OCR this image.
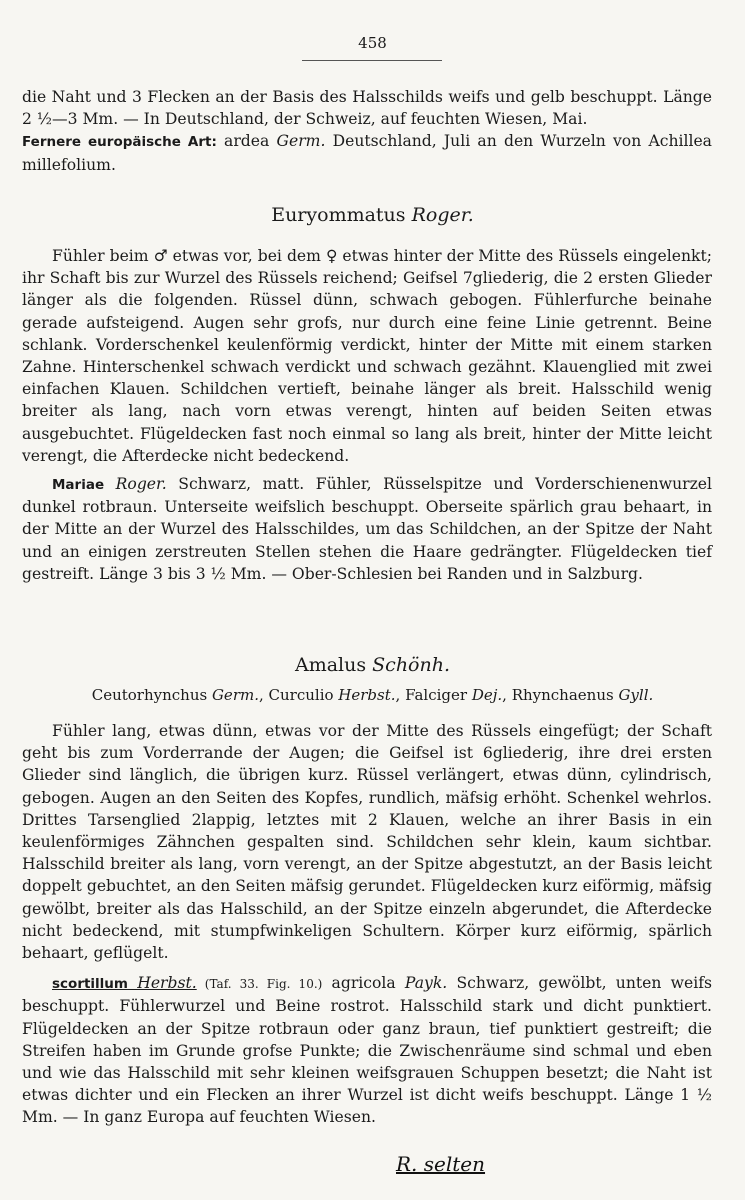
458

die Naht und 3 Flecken an der Basis des Halsschilds weifs und gelb beschuppt. Länge 2 ½—3 Mm. — In Deutschland, der Schweiz, auf feuchten Wiesen, Mai.

Fernere europäische Art: ardea Germ. Deutschland, Juli an den Wurzeln von Achillea millefolium.

Euryommatus Roger.

Fühler beim ♂ etwas vor, bei dem ♀ etwas hinter der Mitte des Rüssels eingelenkt; ihr Schaft bis zur Wurzel des Rüssels reichend; Geifsel 7gliederig, die 2 ersten Glieder länger als die folgenden. Rüssel dünn, schwach gebogen. Fühlerfurche beinahe gerade aufsteigend. Augen sehr grofs, nur durch eine feine Linie getrennt. Beine schlank. Vorderschenkel keulenförmig verdickt, hinter der Mitte mit einem starken Zahne. Hinterschenkel schwach verdickt und schwach gezähnt. Klauenglied mit zwei einfachen Klauen. Schildchen vertieft, beinahe länger als breit. Halsschild wenig breiter als lang, nach vorn etwas verengt, hinten auf beiden Seiten etwas ausgebuchtet. Flügeldecken fast noch einmal so lang als breit, hinter der Mitte leicht verengt, die Afterdecke nicht bedeckend.

Mariae Roger. Schwarz, matt. Fühler, Rüsselspitze und Vorderschienenwurzel dunkel rotbraun. Unterseite weifslich beschuppt. Oberseite spärlich grau behaart, in der Mitte an der Wurzel des Halsschildes, um das Schildchen, an der Spitze der Naht und an einigen zerstreuten Stellen stehen die Haare gedrängter. Flügeldecken tief gestreift. Länge 3 bis 3 ½ Mm. — Ober-Schlesien bei Randen und in Salzburg.

Amalus Schönh.
Ceutorhynchus Germ., Curculio Herbst., Falciger Dej., Rhynchaenus Gyll.

Fühler lang, etwas dünn, etwas vor der Mitte des Rüssels eingefügt; der Schaft geht bis zum Vorderrande der Augen; die Geifsel ist 6gliederig, ihre drei ersten Glieder sind länglich, die übrigen kurz. Rüssel verlängert, etwas dünn, cylindrisch, gebogen. Augen an den Seiten des Kopfes, rundlich, mäfsig erhöht. Schenkel wehrlos. Drittes Tarsenglied 2lappig, letztes mit 2 Klauen, welche an ihrer Basis in ein keulenförmiges Zähnchen gespalten sind. Schildchen sehr klein, kaum sichtbar. Halsschild breiter als lang, vorn verengt, an der Spitze abgestutzt, an der Basis leicht doppelt gebuchtet, an den Seiten mäfsig gerundet. Flügeldecken kurz eiförmig, mäfsig gewölbt, breiter als das Halsschild, an der Spitze einzeln abgerundet, die Afterdecke nicht bedeckend, mit stumpfwinkeligen Schultern. Körper kurz eiförmig, spärlich behaart, geflügelt.

scortillum Herbst. (Taf. 33. Fig. 10.) agricola Payk. Schwarz, gewölbt, unten weifs beschuppt. Fühlerwurzel und Beine rostrot. Halsschild stark und dicht punktiert. Flügeldecken an der Spitze rotbraun oder ganz braun, tief punktiert gestreift; die Streifen haben im Grunde grofse Punkte; die Zwischenräume sind schmal und eben und wie das Halsschild mit sehr kleinen weifsgrauen Schuppen besetzt; die Naht ist etwas dichter und ein Flecken an ihrer Wurzel ist dicht weifs beschuppt. Länge 1 ½ Mm. — In ganz Europa auf feuchten Wiesen.

R. selten
